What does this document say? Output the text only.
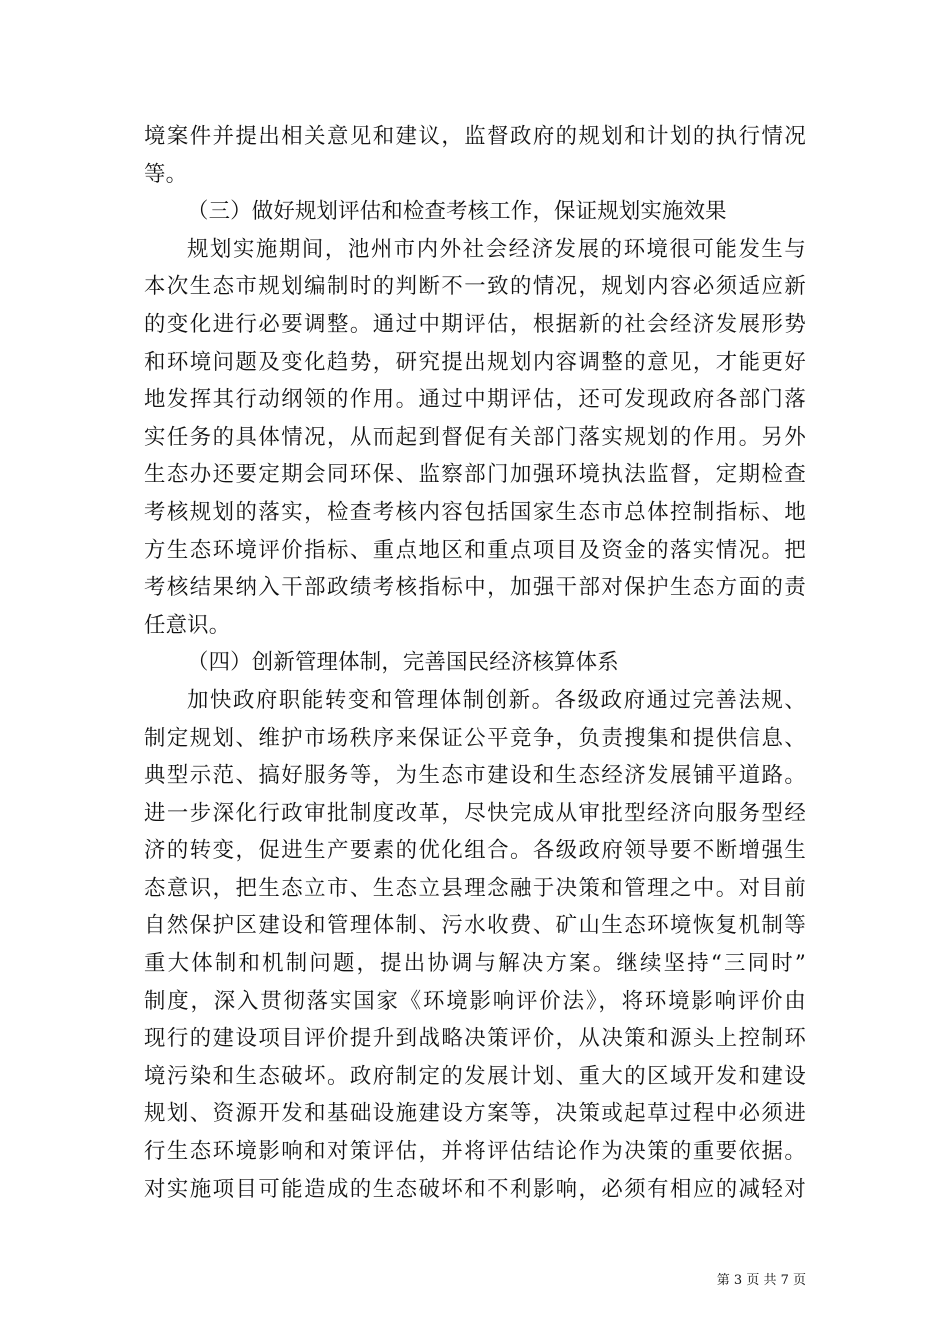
境案件并提出相关意见和建议，监督政府的规划和计划的执行情况
等。
（三）做好规划评估和检查考核工作，保证规划实施效果
规划实施期间，池州市内外社会经济发展的环境很可能发生与
本次生态市规划编制时的判断不一致的情况，规划内容必须适应新
的变化进行必要调整。通过中期评估，根据新的社会经济发展形势
和环境问题及变化趋势，研究提出规划内容调整的意见，才能更好
地发挥其行动纲领的作用。通过中期评估，还可发现政府各部门落
实任务的具体情况，从而起到督促有关部门落实规划的作用。另外
生态办还要定期会同环保、监察部门加强环境执法监督，定期检查
考核规划的落实，检查考核内容包括国家生态市总体控制指标、地
方生态环境评价指标、重点地区和重点项目及资金的落实情况。把
考核结果纳入干部政绩考核指标中，加强干部对保护生态方面的责
任意识。
（四）创新管理体制，完善国民经济核算体系
加快政府职能转变和管理体制创新。各级政府通过完善法规、
制定规划、维护市场秩序来保证公平竞争，负责搜集和提供信息、
典型示范、搞好服务等，为生态市建设和生态经济发展铺平道路。
进一步深化行政审批制度改革，尽快完成从审批型经济向服务型经
济的转变，促进生产要素的优化组合。各级政府领导要不断增强生
态意识，把生态立市、生态立县理念融于决策和管理之中。对目前
自然保护区建设和管理体制、污水收费、矿山生态环境恢复机制等
重大体制和机制问题，提出协调与解决方案。继续坚持“三同时”
制度，深入贯彻落实国家《环境影响评价法》，将环境影响评价由
现行的建设项目评价提升到战略决策评价，从决策和源头上控制环
境污染和生态破坏。政府制定的发展计划、重大的区域开发和建设
规划、资源开发和基础设施建设方案等，决策或起草过程中必须进
行生态环境影响和对策评估，并将评估结论作为决策的重要依据。
对实施项目可能造成的生态破坏和不利影响，必须有相应的减轻对
第 3 页 共 7 页
